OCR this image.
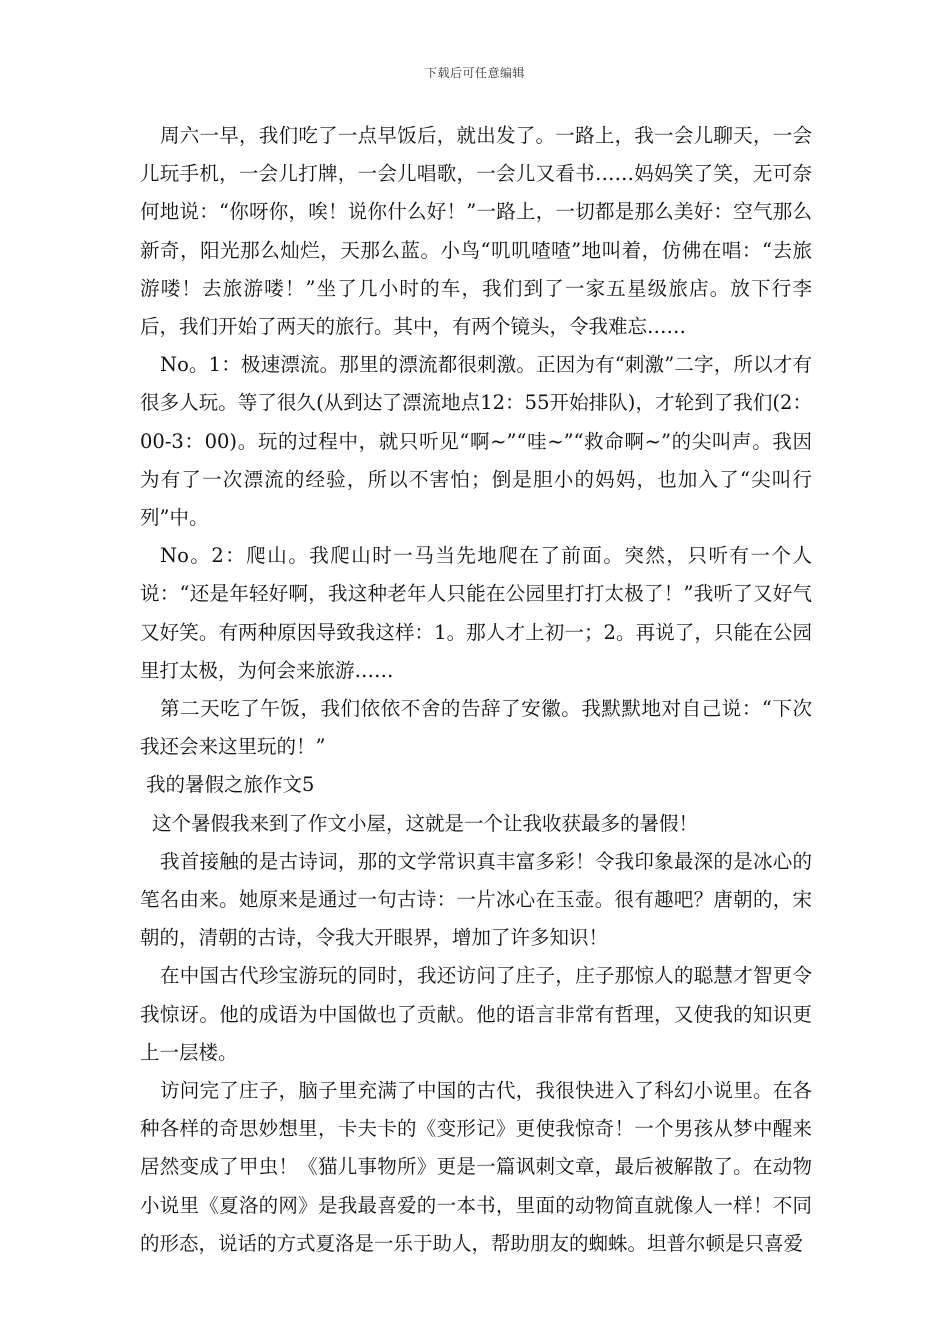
下载后可任意编辑

周六一早，我们吃了一点早饭后，就出发了。一路上，我一会儿聊天，一会儿玩手机，一会儿打牌，一会儿唱歌，一会儿又看书……妈妈笑了笑，无可奈何地说：“你呀你，唉！说你什么好！”一路上，一切都是那么美好：空气那么新奇，阳光那么灿烂，天那么蓝。小鸟“叽叽喳喳”地叫着，仿佛在唱：“去旅游喽！去旅游喽！”坐了几小时的车，我们到了一家五星级旅店。放下行李后，我们开始了两天的旅行。其中，有两个镜头，令我难忘……

No。1：极速漂流。那里的漂流都很刺激。正因为有“刺激”二字，所以才有很多人玩。等了很久(从到达了漂流地点12：55开始排队)，才轮到了我们(2：00-3：00)。玩的过程中，就只听见“啊~”“哇~”“救命啊~”的尖叫声。我因为有了一次漂流的经验，所以不害怕；倒是胆小的妈妈，也加入了“尖叫行列”中。

No。2：爬山。我爬山时一马当先地爬在了前面。突然，只听有一个人说：“还是年轻好啊，我这种老年人只能在公园里打打太极了！”我听了又好气又好笑。有两种原因导致我这样：1。那人才上初一；2。再说了，只能在公园里打太极，为何会来旅游……

第二天吃了午饭，我们依依不舍的告辞了安徽。我默默地对自己说：“下次我还会来这里玩的！”

我的暑假之旅作文5

这个暑假我来到了作文小屋，这就是一个让我收获最多的暑假！

我首接触的是古诗词，那的文学常识真丰富多彩！令我印象最深的是冰心的笔名由来。她原来是通过一句古诗：一片冰心在玉壶。很有趣吧？唐朝的，宋朝的，清朝的古诗，令我大开眼界，增加了许多知识！

在中国古代珍宝游玩的同时，我还访问了庄子，庄子那惊人的聪慧才智更令我惊讶。他的成语为中国做也了贡献。他的语言非常有哲理，又使我的知识更上一层楼。

访问完了庄子，脑子里充满了中国的古代，我很快进入了科幻小说里。在各种各样的奇思妙想里，卡夫卡的《变形记》更使我惊奇！一个男孩从梦中醒来居然变成了甲虫！《猫儿事物所》更是一篇讽刺文章，最后被解散了。在动物小说里《夏洛的网》是我最喜爱的一本书，里面的动物简直就像人一样！不同的形态，说话的方式夏洛是一乐于助人，帮助朋友的蜘蛛。坦普尔顿是只喜爱
